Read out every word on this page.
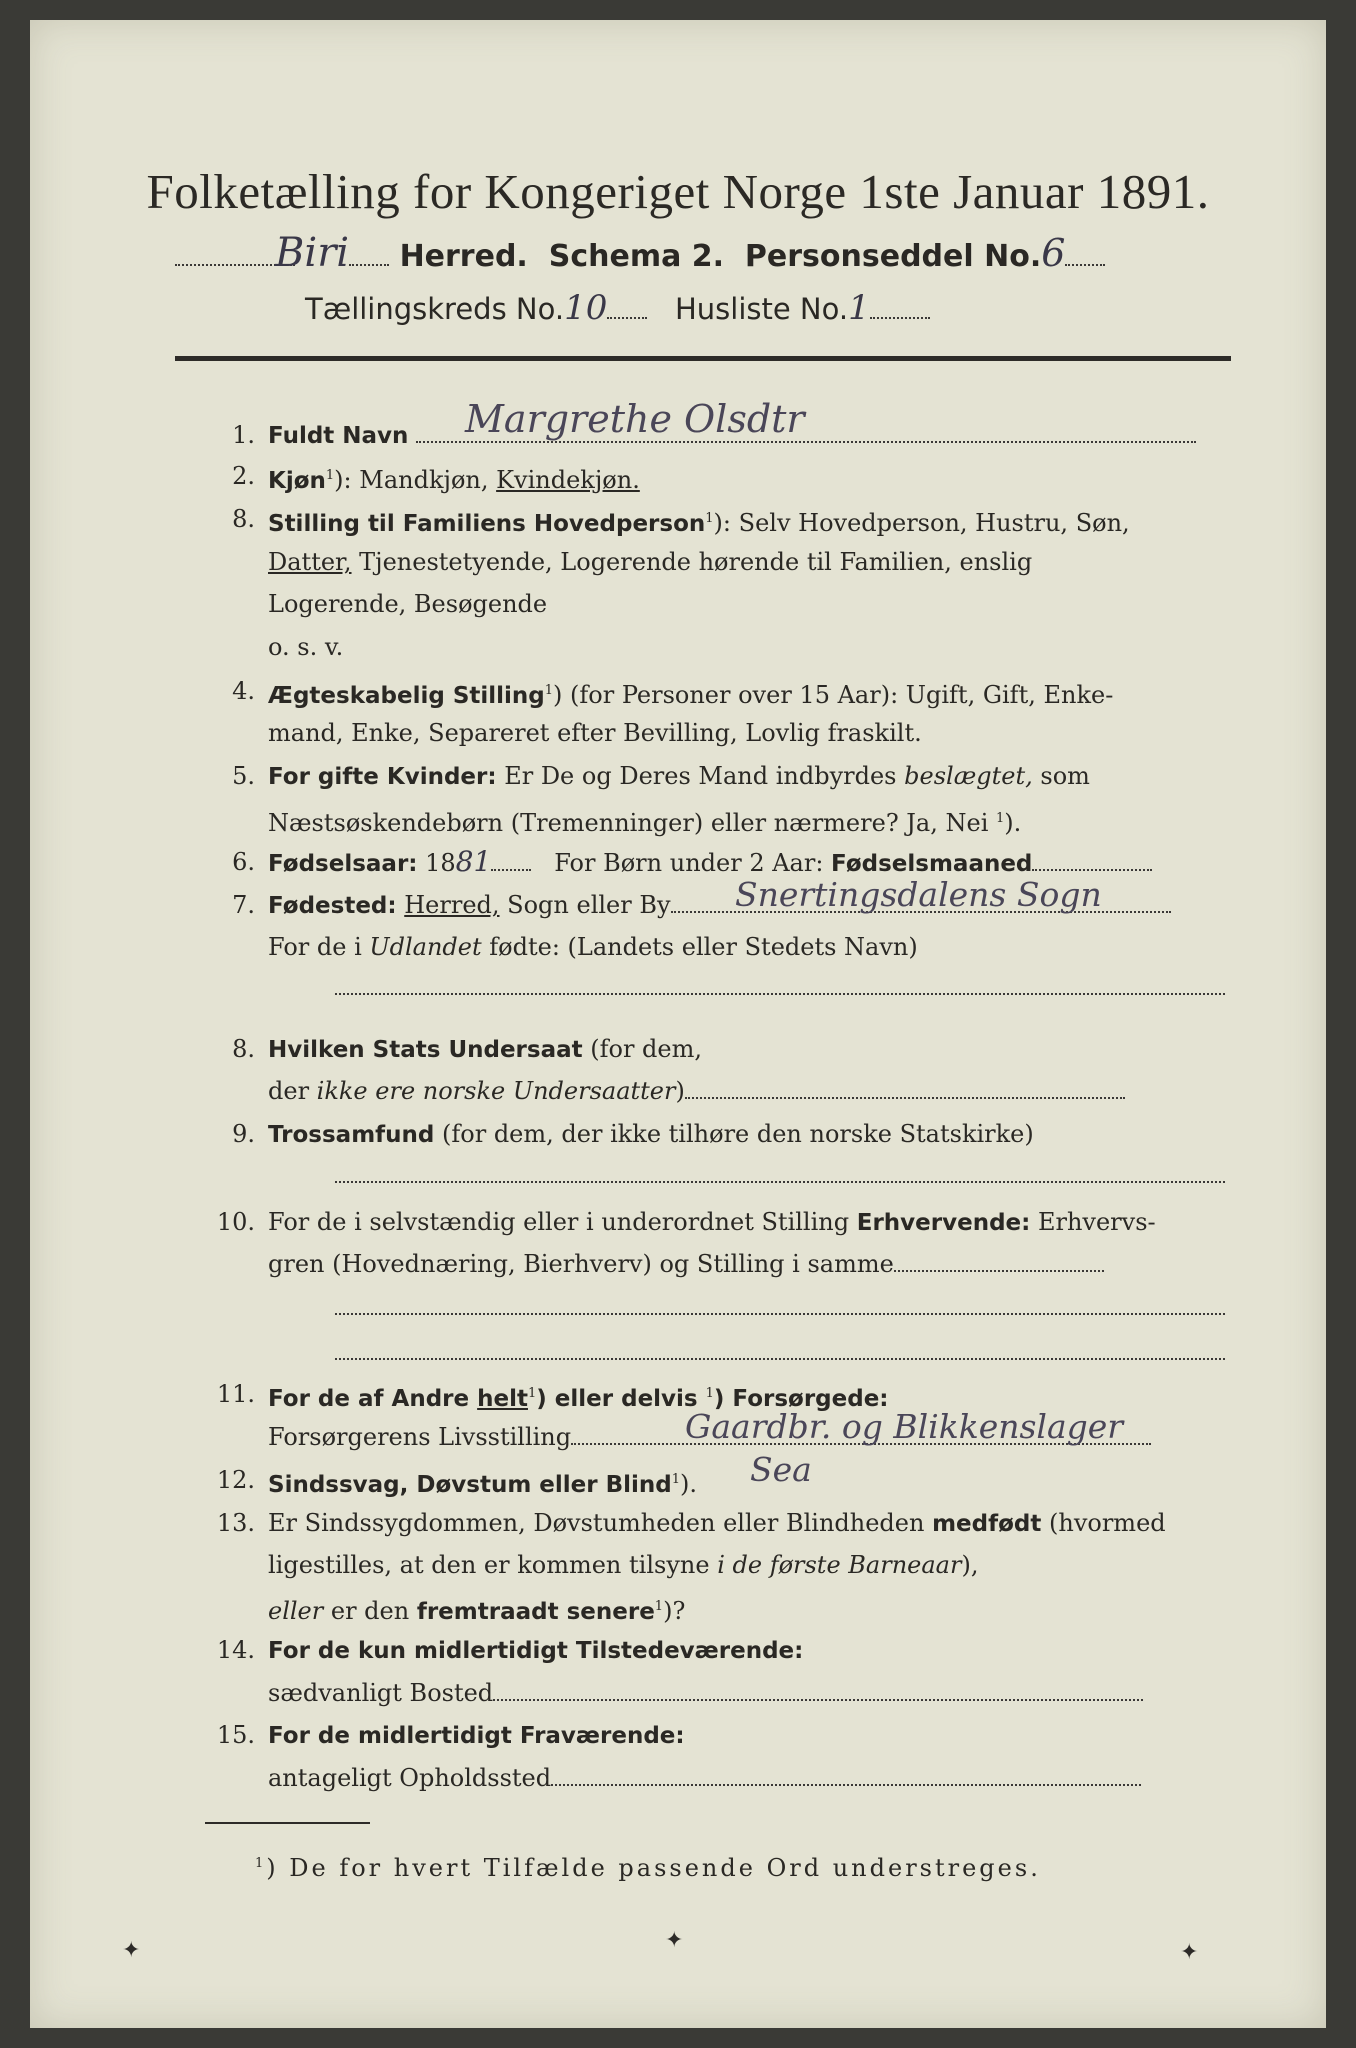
Folketælling for Kongeriget Norge 1ste Januar 1891.
Biri Herred. Schema 2. Personseddel No.6
Tællingskreds No.10 Husliste No.1
1. Fuldt Navn	Margrethe Olsdtr
2. Kjøn$^1$): Mandkjøn, Kvindekjøn.
8. Stilling til Familiens Hovedperson$^1$): Selv Hovedperson, Hustru, Søn,
Datter, Tjenestetyende, Logerende hørende til Familien, enslig
Logerende, Besøgende
o. s. v.
4. Ægteskabelig Stilling$^1$) (for Personer over 15 Aar): Ugift, Gift, Enke-
mand, Enke, Separeret efter Bevilling, Lovlig fraskilt.
5. For gifte Kvinder: Er De og Deres Mand indbyrdes beslægtet, som
Næstsøskendebørn (Tremenninger) eller nærmere? Ja, Nei $^1$).
6. Fødselsaar: 1881	For Børn under 2 Aar: Fødselsmaaned
7. Fødested: Herred, Sogn eller By	Snertingsdalens Sogn
For de i Udlandet fødte: (Landets eller Stedets Navn)
8. Hvilken Stats Undersaat (for dem,
der ikke ere norske Undersaatter)
9. Trossamfund (for dem, der ikke tilhøre den norske Statskirke)
10. For de i selvstændig eller i underordnet Stilling Erhvervende: Erhvervs-
gren (Hovednæring, Bierhverv) og Stilling i samme
11. For de af Andre helt$^1$) eller delvis $^1$) Forsørgede:
Forsørgerens Livsstilling	Gaardbr. og Blikkenslager
12. Sindssvag, Døvstum eller Blind$^1$).	Sea
13. Er Sindssygdommen, Døvstumheden eller Blindheden medfødt (hvormed
ligestilles, at den er kommen tilsyne i de første Barneaar),
eller er den fremtraadt senere$^1$)?
14. For de kun midlertidigt Tilstedeværende:
sædvanligt Bosted
15. For de midlertidigt Fraværende:
antageligt Opholdssted
$^1$) De for hvert Tilfælde passende Ord understreges.
✦	✦	✦
